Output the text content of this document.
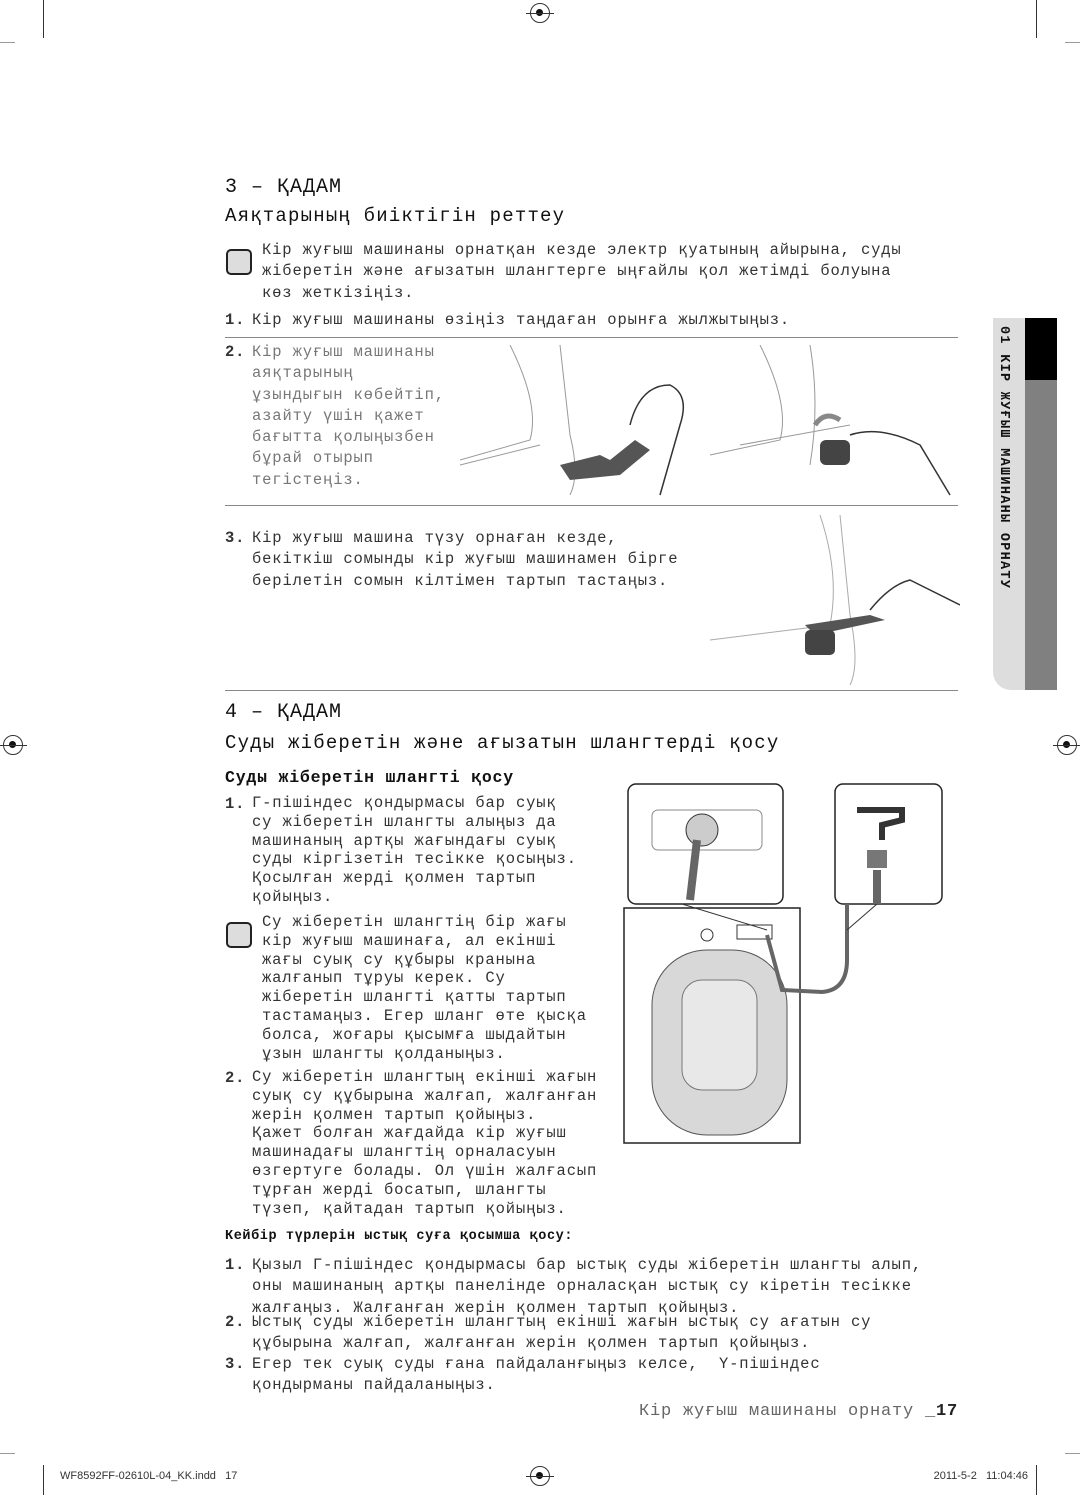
3 – ҚАДАМ
Аяқтарының биіктігін реттеу
Кір жуғыш машинаны орнатқан кезде электр қуатының айырына, суды
жіберетін және ағызатын шлангтерге ыңғайлы қол жетімді болуына
көз жеткізіңіз.
1. Кір жуғыш машинаны өзіңіз таңдаған орынға жылжытыңыз.
2. Кір жуғыш машинаны
аяқтарының
ұзындығын көбейтіп,
азайту үшін қажет
бағытта қолыңызбен
бұрай отырып
тегістеңіз.
3. Кір жуғыш машина түзу орнаған кезде,
бекіткіш сомынды кір жуғыш машинамен бірге
берілетін сомын кілтімен тартып тастаңыз.	01 КІР ЖУҒЫШ МАШИНАНЫ ОРНАТУ
4 – ҚАДАМ
Суды жіберетін және ағызатын шлангтерді қосу
Суды жіберетін шлангті қосу
1. Г-пішіндес қондырмасы бар суық
су жіберетін шлангты алыңыз да
машинаның артқы жағындағы суық
суды кіргізетін тесікке қосыңыз.
Қосылған жерді қолмен тартып
қойыңыз.
Су жіберетін шлангтің бір жағы
кір жуғыш машинаға, ал екінші
жағы суық су құбыры кранына
жалғанып тұруы керек. Су
жіберетін шлангті қатты тартып
тастамаңыз. Егер шланг өте қысқа
болса, жоғары қысымға шыдайтын
ұзын шлангты қолданыңыз.
2. Су жіберетін шлангтың екінші жағын
суық су құбырына жалғап, жалғанған
жерін қолмен тартып қойыңыз.
Қажет болған жағдайда кір жуғыш
машинадағы шлангтің орналасуын
өзгертуге болады. Ол үшін жалғасып
тұрған жерді босатып, шлангты
түзеп, қайтадан тартып қойыңыз.
Кейбір түрлерін ыстық суға қосымша қосу:
1. Қызыл Г-пішіндес қондырмасы бар ыстық суды жіберетін шлангты алып,
оны машинаның артқы панелінде орналасқан ыстық су кіретін тесікке
жалғаңыз. Жалғанған жерін қолмен тартып қойыңыз.
2. Ыстық суды жіберетін шлангтың екінші жағын ыстық су ағатын су
құбырына жалғап, жалғанған жерін қолмен тартып қойыңыз.
3. Егер тек суық суды ғана пайдаланғыңыз келсе,  Y-пішіндес
қондырманы пайдаланыңыз.
Кір жуғыш машинаны орнату _17
WF8592FF-02610L-04_KK.indd   17	2011-5-2   11:04:46
